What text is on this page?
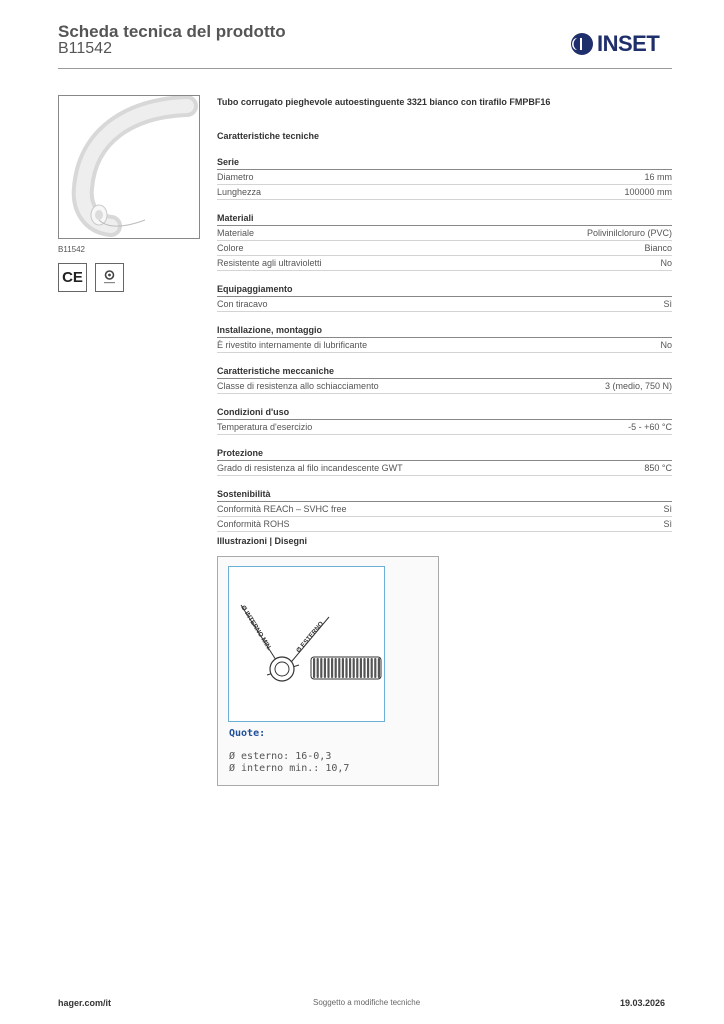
Scheda tecnica del prodotto
B11542	INSET
B11542
CE
Tubo corrugato pieghevole autoestinguente 3321 bianco con tirafilo FMPBF16
Caratteristiche tecniche
Serie
Diametro	16 mm
Lunghezza	100000 mm
Materiali
Materiale	Polivinilcloruro (PVC)
Colore	Bianco
Resistente agli ultravioletti	No
Equipaggiamento
Con tiracavo	Sì
Installazione, montaggio
È rivestito internamente di lubrificante	No
Caratteristiche meccaniche
Classe di resistenza allo schiacciamento	3 (medio, 750 N)
Condizioni d'uso
Temperatura d'esercizio	-5 - +60 °C
Protezione
Grado di resistenza al filo incandescente GWT	850 °C
Sostenibilità
Conformità REACh – SVHC free	Sì
Conformità ROHS	Sì
Illustrazioni | Disegni
Ø INTERNO MIN.	Ø ESTERNO
Quote:
Ø esterno: 16-0,3
Ø interno min.: 10,7
hager.com/it	Soggetto a modifiche tecniche	19.03.2026
